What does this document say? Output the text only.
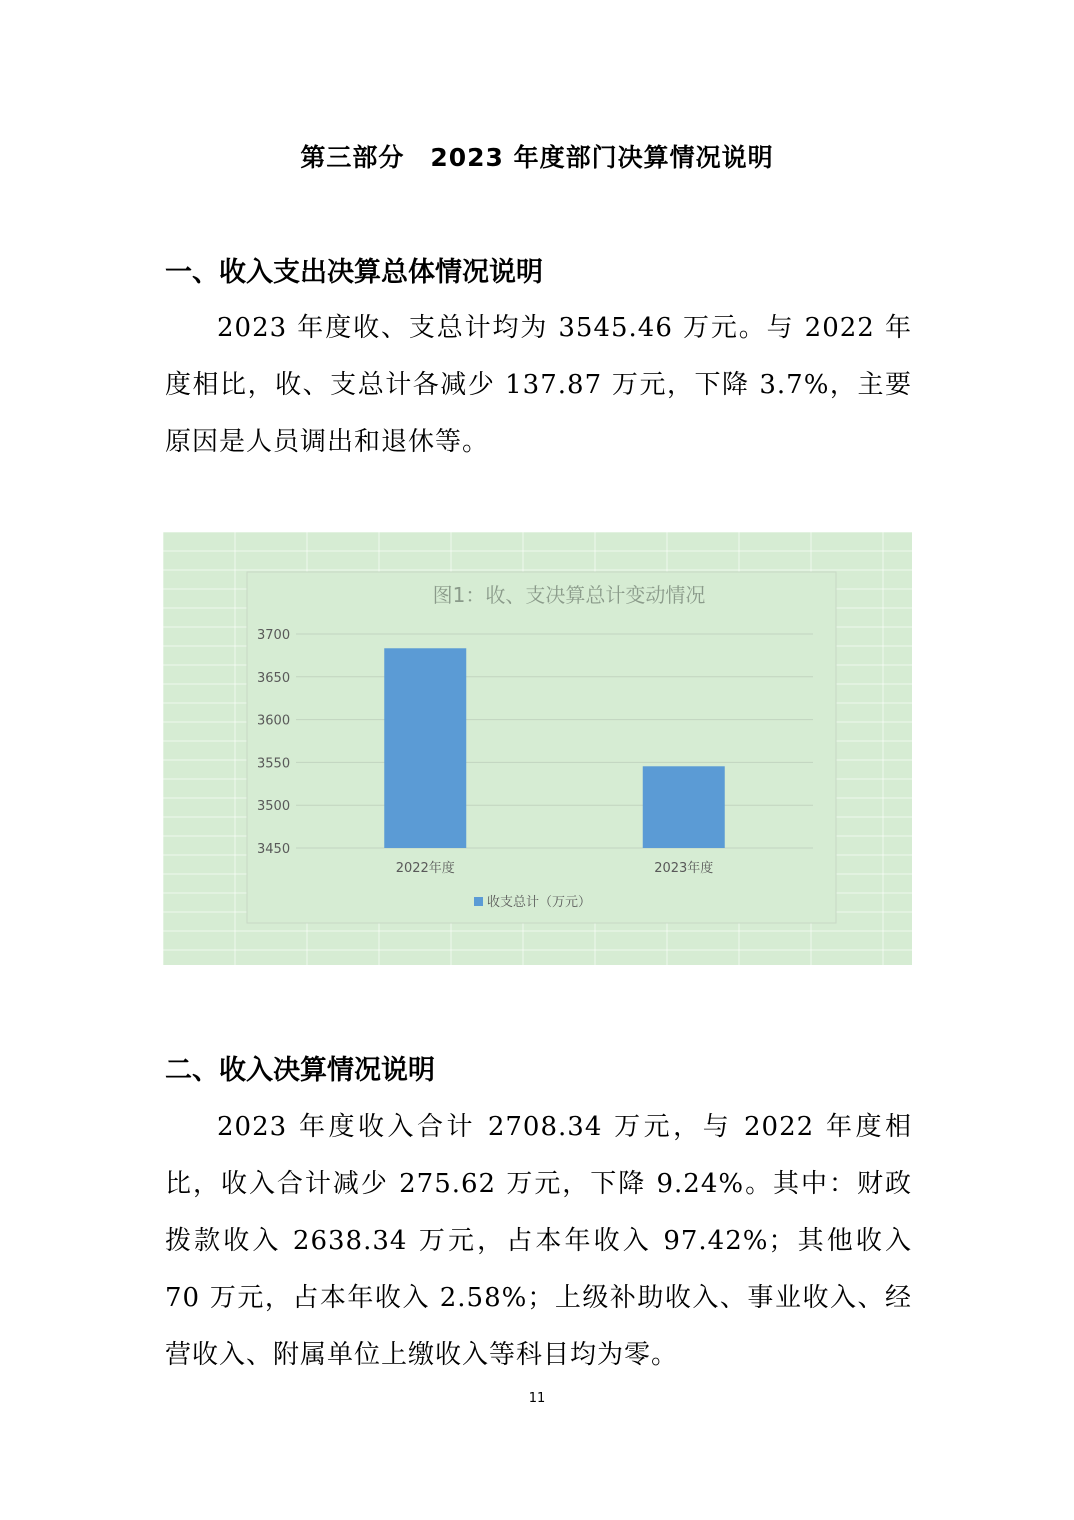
第三部分　2023 年度部门决算情况说明
一、收入支出决算总体情况说明
2023 年度收、支总计均为 3545.46 万元。与 2022 年度相比，收、支总计各减少 137.87 万元，下降 3.7%，主要原因是人员调出和退休等。
图1：收、支决算总计变动情况
3450
3500
3550
3600
3650
3700
2022年度	2023年度
收支总计（万元）
二、收入决算情况说明
2023 年度收入合计 2708.34 万元，与 2022 年度相比，收入合计减少 275.62 万元，下降 9.24%。其中：财政拨款收入 2638.34 万元，占本年收入 97.42%；其他收入 70 万元，占本年收入 2.58%；上级补助收入、事业收入、经营收入、附属单位上缴收入等科目均为零。
11
